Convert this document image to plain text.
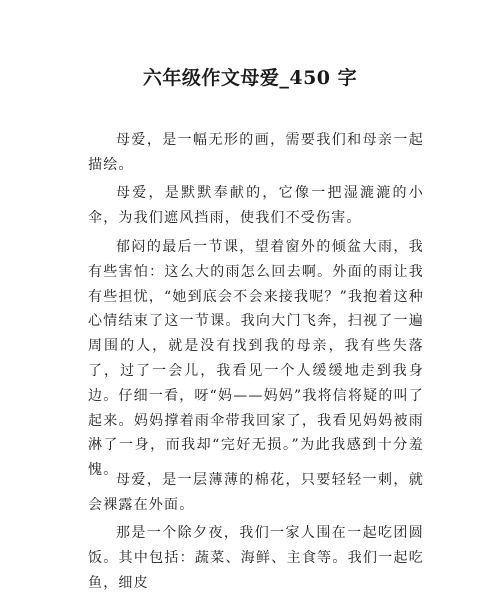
六年级作文母爱_450 字

母爱，是一幅无形的画，需要我们和母亲一起描绘。

母爱，是默默奉献的，它像一把湿漉漉的小伞，为我们遮风挡雨，使我们不受伤害。

郁闷的最后一节课，望着窗外的倾盆大雨，我有些害怕：这么大的雨怎么回去啊。外面的雨让我有些担忧，“她到底会不会来接我呢？”我抱着这种心情结束了这一节课。我向大门飞奔，扫视了一遍周围的人，就是没有找到我的母亲，我有些失落了，过了一会儿，我看见一个人缓缓地走到我身边。仔细一看，呀“妈——妈妈”我将信将疑的叫了起来。妈妈撑着雨伞带我回家了，我看见妈妈被雨淋了一身，而我却“完好无损。”为此我感到十分羞愧。

母爱，是一层薄薄的棉花，只要轻轻一刺，就会裸露在外面。

那是一个除夕夜，我们一家人围在一起吃团圆饭。其中包括：蔬菜、海鲜、主食等。我们一起吃鱼，细皮
